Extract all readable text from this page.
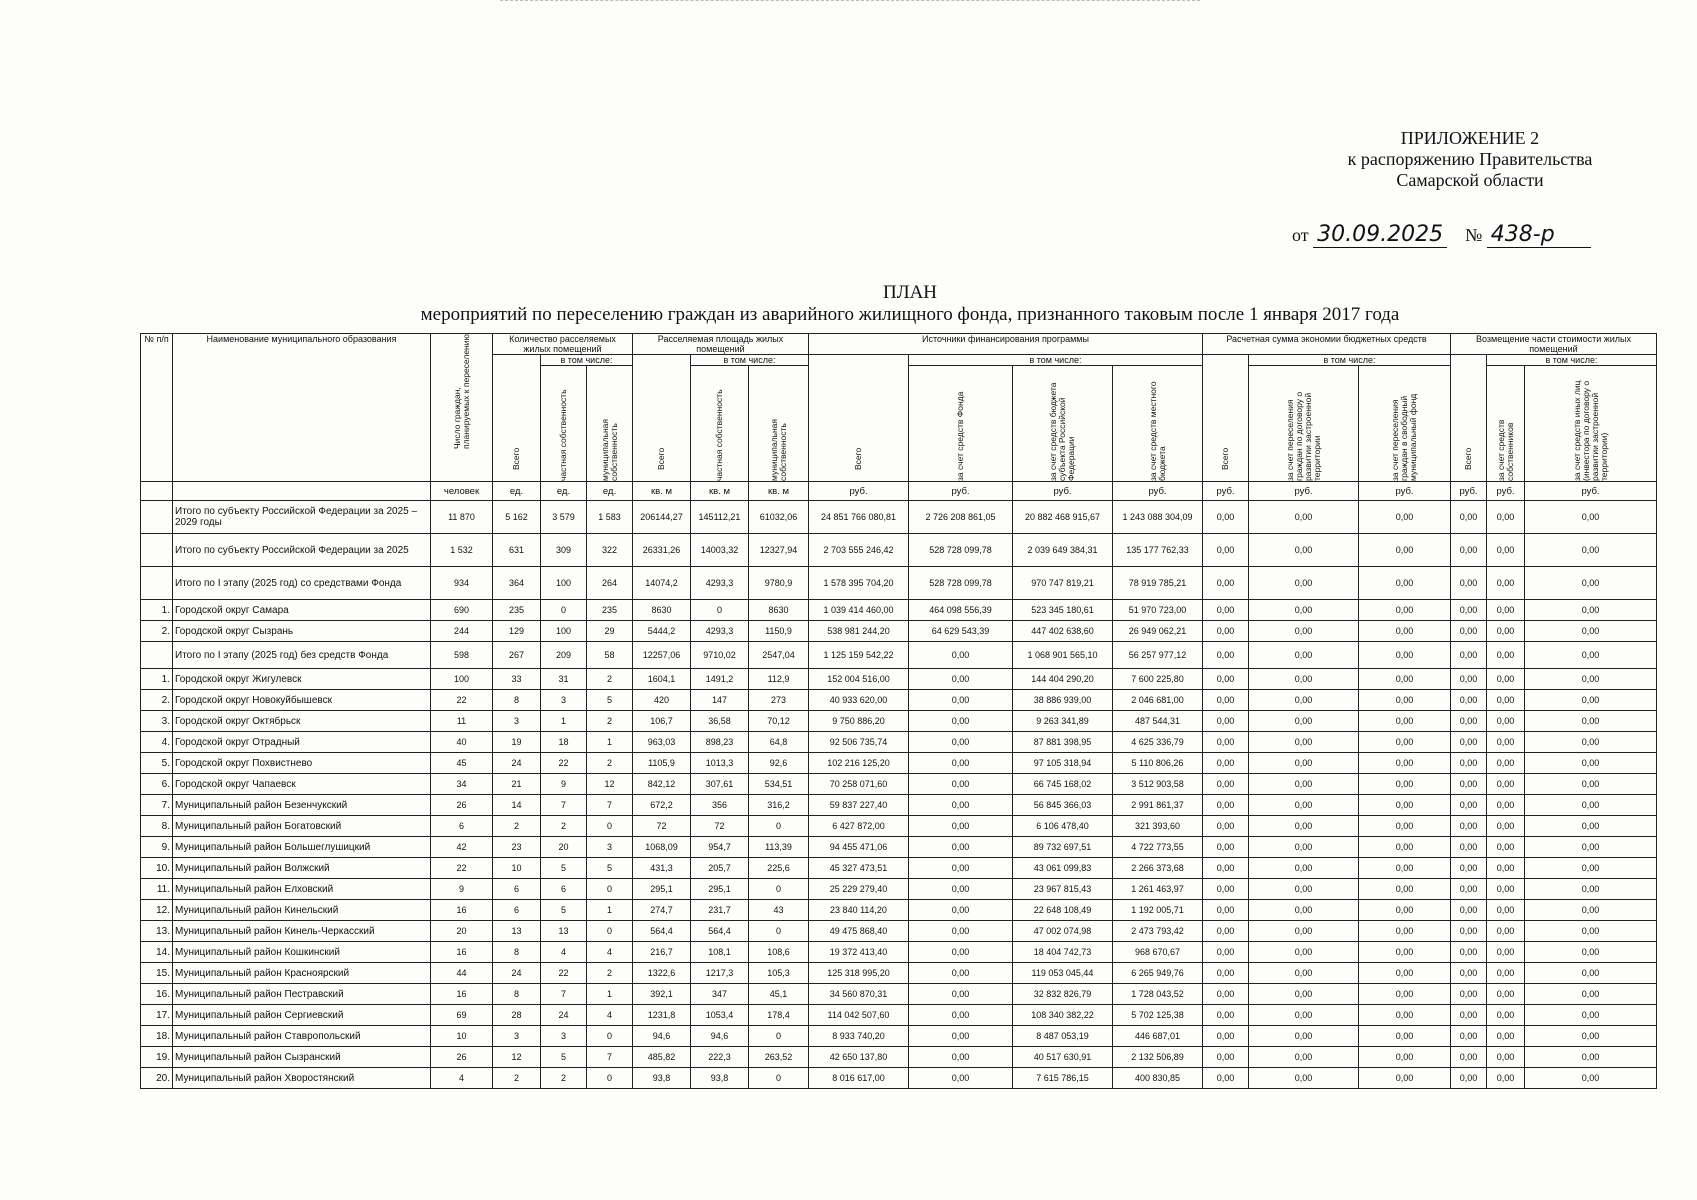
ПРИЛОЖЕНИЕ 2
к распоряжению Правительства
Самарской области
от 30.09.2025 № 438-р
ПЛАН
мероприятий по переселению граждан из аварийного жилищного фонда, признанного таковым после 1 января 2017 года
№ п/п	Наименование муниципального образования	Число граждан, планируемых к переселению	Количество расселяемых жилых помещений			Расселяемая площадь жилых помещений			Источники финансирования программы				Расчетная сумма экономии бюджетных средств			Возмещение части стоимости жилых помещений		

			Всего	в том числе:		Всего	в том числе:		Всего	в том числе:			Всего	в том числе:		Всего	в том числе:	

				частная собственность	муниципальная собственность		частная собственность	муниципальная собственность		за счет средств Фонда	за счет средств бюджета субъекта Российской Федерации	за счет средств местного бюджета		за счет переселения граждан по договору о развитии застроенной территории	за счет переселения граждан в свободный муниципальный фонд		за счет средств собственников	за счет средств иных лиц (инвестора по договору о развитии застроенной территории)

		человек	ед.	ед.	ед.	кв. м	кв. м	кв. м	руб.	руб.	руб.	руб.	руб.	руб.	руб.	руб.	руб.	руб.
	Итого по субъекту Российской Федерации за 2025 – 2029 годы	11 870	5 162	3 579	1 583	206144,27	145112,21	61032,06	24 851 766 080,81	2 726 208 861,05	20 882 468 915,67	1 243 088 304,09	0,00	0,00	0,00	0,00	0,00	0,00
	Итого по субъекту Российской Федерации за 2025	1 532	631	309	322	26331,26	14003,32	12327,94	2 703 555 246,42	528 728 099,78	2 039 649 384,31	135 177 762,33	0,00	0,00	0,00	0,00	0,00	0,00
	Итого по I этапу (2025 год) со средствами Фонда	934	364	100	264	14074,2	4293,3	9780,9	1 578 395 704,20	528 728 099,78	970 747 819,21	78 919 785,21	0,00	0,00	0,00	0,00	0,00	0,00
1.	Городской округ Самара	690	235	0	235	8630	0	8630	1 039 414 460,00	464 098 556,39	523 345 180,61	51 970 723,00	0,00	0,00	0,00	0,00	0,00	0,00
2.	Городской округ Сызрань	244	129	100	29	5444,2	4293,3	1150,9	538 981 244,20	64 629 543,39	447 402 638,60	26 949 062,21	0,00	0,00	0,00	0,00	0,00	0,00
	Итого по I этапу (2025 год) без средств Фонда	598	267	209	58	12257,06	9710,02	2547,04	1 125 159 542,22	0,00	1 068 901 565,10	56 257 977,12	0,00	0,00	0,00	0,00	0,00	0,00
1.	Городской округ Жигулевск	100	33	31	2	1604,1	1491,2	112,9	152 004 516,00	0,00	144 404 290,20	7 600 225,80	0,00	0,00	0,00	0,00	0,00	0,00
2.	Городской округ Новокуйбышевск	22	8	3	5	420	147	273	40 933 620,00	0,00	38 886 939,00	2 046 681,00	0,00	0,00	0,00	0,00	0,00	0,00
3.	Городской округ Октябрьск	11	3	1	2	106,7	36,58	70,12	9 750 886,20	0,00	9 263 341,89	487 544,31	0,00	0,00	0,00	0,00	0,00	0,00
4.	Городской округ Отрадный	40	19	18	1	963,03	898,23	64,8	92 506 735,74	0,00	87 881 398,95	4 625 336,79	0,00	0,00	0,00	0,00	0,00	0,00
5.	Городской округ Похвистнево	45	24	22	2	1105,9	1013,3	92,6	102 216 125,20	0,00	97 105 318,94	5 110 806,26	0,00	0,00	0,00	0,00	0,00	0,00
6.	Городской округ Чапаевск	34	21	9	12	842,12	307,61	534,51	70 258 071,60	0,00	66 745 168,02	3 512 903,58	0,00	0,00	0,00	0,00	0,00	0,00
7.	Муниципальный район Безенчукский	26	14	7	7	672,2	356	316,2	59 837 227,40	0,00	56 845 366,03	2 991 861,37	0,00	0,00	0,00	0,00	0,00	0,00
8.	Муниципальный район Богатовский	6	2	2	0	72	72	0	6 427 872,00	0,00	6 106 478,40	321 393,60	0,00	0,00	0,00	0,00	0,00	0,00
9.	Муниципальный район Большеглушицкий	42	23	20	3	1068,09	954,7	113,39	94 455 471,06	0,00	89 732 697,51	4 722 773,55	0,00	0,00	0,00	0,00	0,00	0,00
10.	Муниципальный район Волжский	22	10	5	5	431,3	205,7	225,6	45 327 473,51	0,00	43 061 099,83	2 266 373,68	0,00	0,00	0,00	0,00	0,00	0,00
11.	Муниципальный район Елховский	9	6	6	0	295,1	295,1	0	25 229 279,40	0,00	23 967 815,43	1 261 463,97	0,00	0,00	0,00	0,00	0,00	0,00
12.	Муниципальный район Кинельский	16	6	5	1	274,7	231,7	43	23 840 114,20	0,00	22 648 108,49	1 192 005,71	0,00	0,00	0,00	0,00	0,00	0,00
13.	Муниципальный район Кинель-Черкасский	20	13	13	0	564,4	564,4	0	49 475 868,40	0,00	47 002 074,98	2 473 793,42	0,00	0,00	0,00	0,00	0,00	0,00
14.	Муниципальный район Кошкинский	16	8	4	4	216,7	108,1	108,6	19 372 413,40	0,00	18 404 742,73	968 670,67	0,00	0,00	0,00	0,00	0,00	0,00
15.	Муниципальный район Красноярский	44	24	22	2	1322,6	1217,3	105,3	125 318 995,20	0,00	119 053 045,44	6 265 949,76	0,00	0,00	0,00	0,00	0,00	0,00
16.	Муниципальный район Пестравский	16	8	7	1	392,1	347	45,1	34 560 870,31	0,00	32 832 826,79	1 728 043,52	0,00	0,00	0,00	0,00	0,00	0,00
17.	Муниципальный район Сергиевский	69	28	24	4	1231,8	1053,4	178,4	114 042 507,60	0,00	108 340 382,22	5 702 125,38	0,00	0,00	0,00	0,00	0,00	0,00
18.	Муниципальный район Ставропольский	10	3	3	0	94,6	94,6	0	8 933 740,20	0,00	8 487 053,19	446 687,01	0,00	0,00	0,00	0,00	0,00	0,00
19.	Муниципальный район Сызранский	26	12	5	7	485,82	222,3	263,52	42 650 137,80	0,00	40 517 630,91	2 132 506,89	0,00	0,00	0,00	0,00	0,00	0,00
20.	Муниципальный район Хворостянский	4	2	2	0	93,8	93,8	0	8 016 617,00	0,00	7 615 786,15	400 830,85	0,00	0,00	0,00	0,00	0,00	0,00
